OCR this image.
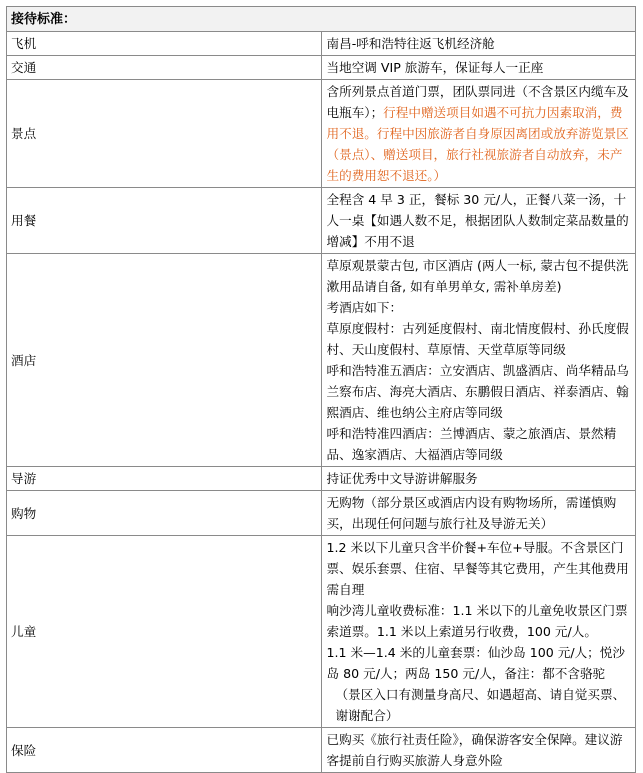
接待标准：	
飞机	南昌-呼和浩特往返飞机经济舱
交通	当地空调 VIP 旅游车，保证每人一正座
景点	含所列景点首道门票，团队票同进（不含景区内缆车及电瓶车）；行程中赠送项目如遇不可抗力因素取消，费用不退。行程中因旅游者自身原因离团或放弃游览景区（景点）、赠送项目，旅行社视旅游者自动放弃，未产生的费用恕不退还。）
用餐	全程含 4 早 3 正，餐标 30 元/人，正餐八菜一汤，十人一桌【如遇人数不足，根据团队人数制定菜品数量的增减】不用不退
酒店	草原观景蒙古包, 市区酒店 (两人一标, 蒙古包不提供洗漱用品请自备, 如有单男单女, 需补单房差)
考酒店如下：
草原度假村：古列延度假村、南北情度假村、孙氏度假村、天山度假村、草原情、天堂草原等同级
呼和浩特准五酒店：立安酒店、凯盛酒店、尚华精品乌兰察布店、海亮大酒店、东鹏假日酒店、祥泰酒店、翰熙酒店、维也纳公主府店等同级
呼和浩特准四酒店：兰博酒店、蒙之旅酒店、景然精品、逸家酒店、大福酒店等同级

导游	持证优秀中文导游讲解服务
购物	无购物（部分景区或酒店内设有购物场所，需谨慎购买，出现任何问题与旅行社及导游无关）
儿童	1.2 米以下儿童只含半价餐+车位+导服。不含景区门票、娱乐套票、住宿、早餐等其它费用，产生其他费用需自理
响沙湾儿童收费标准：1.1 米以下的儿童免收景区门票索道票。1.1 米以上索道另行收费，100 元/人。
1.1 米—1.4 米的儿童套票：仙沙岛 100 元/人；悦沙岛 80 元/人；两岛 150 元/人，备注：都不含骆驼
（景区入口有测量身高尺、如遇超高、请自觉买票、谢谢配合）

保险	已购买《旅行社责任险》，确保游客安全保障。建议游客提前自行购买旅游人身意外险
